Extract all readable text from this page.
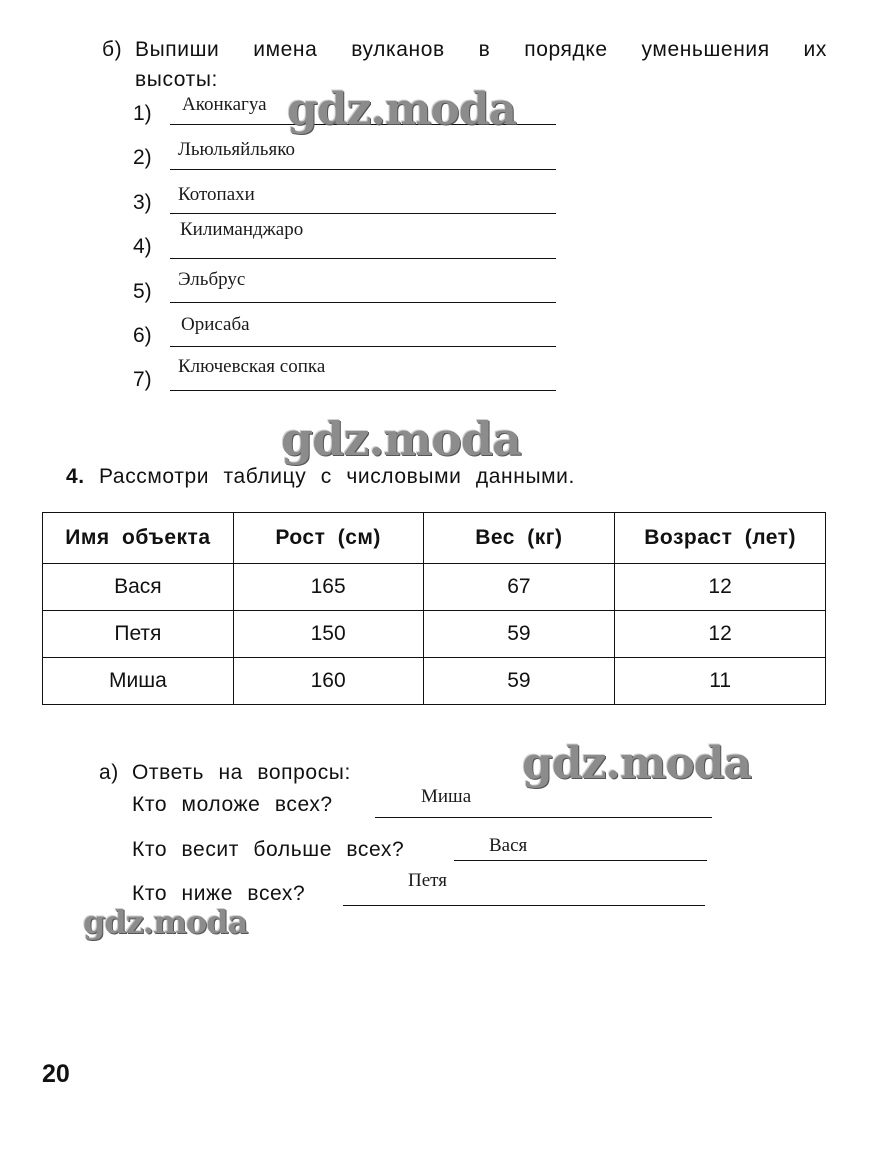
б) Выпиши имена вулканов в порядке уменьшения их
высоты:
1) Аконкагуа
2) Льюльяйльяко
3) Котопахи
4)
Килиманджаро
5)
Эльбрус
6) Орисаба
7)
Ключевская сопка
gdz.moda
gdz.moda
gdz.moda
gdz.moda
4. Рассмотри таблицу с числовыми данными.
Имя объекта	Рост (см)	Вес (кг)	Возраст (лет)
Вася	165	67	12
Петя	150	59	12
Миша	160	59	11
а) Ответь на вопросы:
Кто моложе всех?	Миша
Кто весит больше всех?	Вася
Кто ниже всех?
Петя
20
